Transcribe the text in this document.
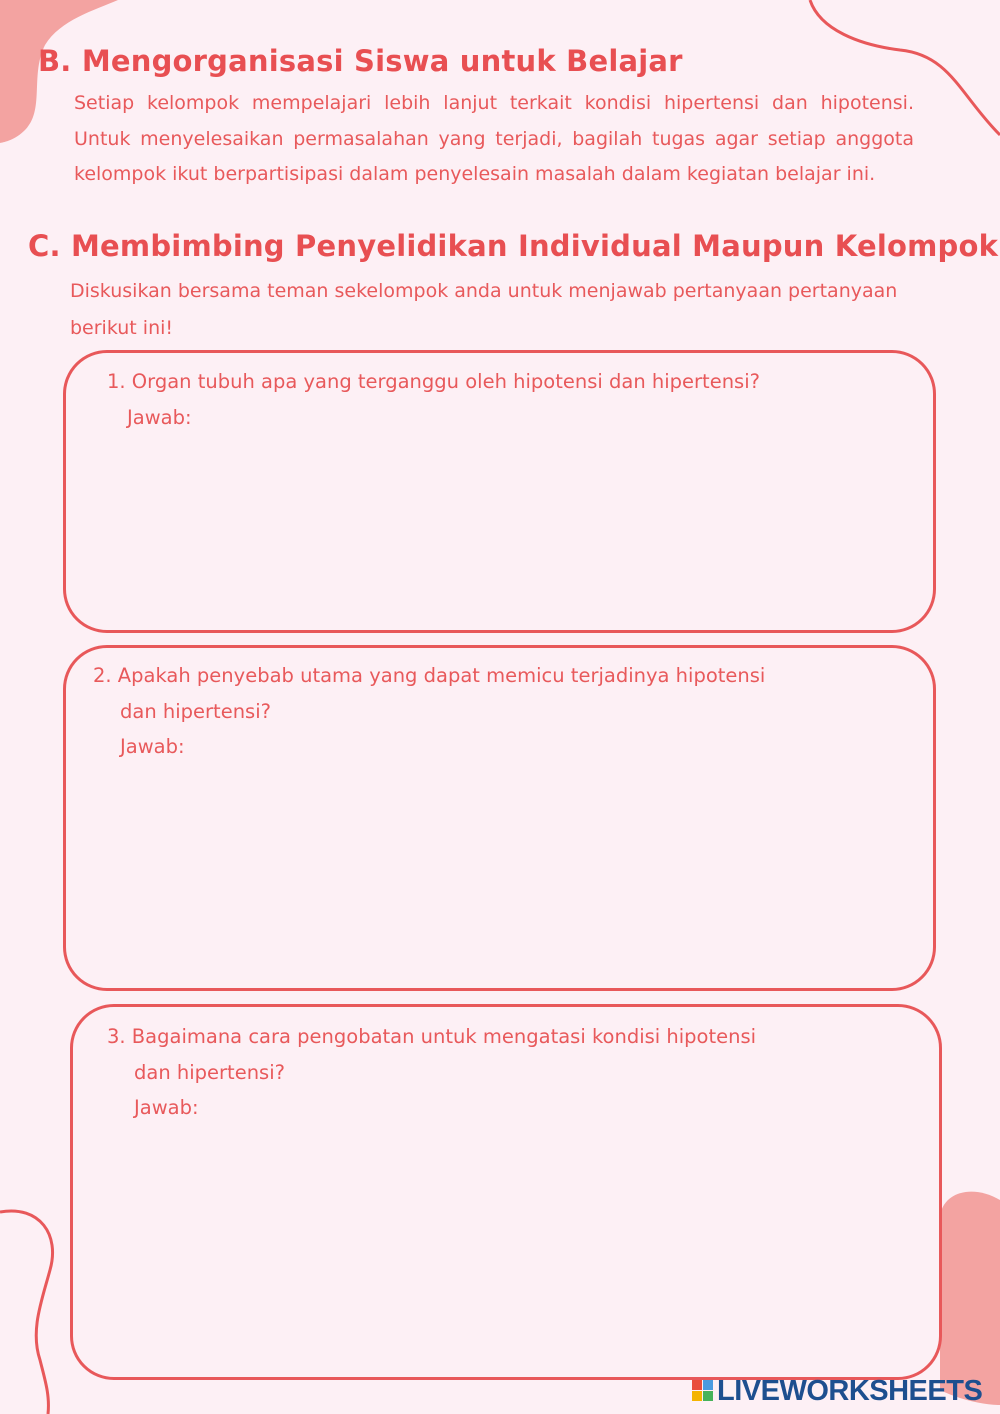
B. Mengorganisasi Siswa untuk Belajar

Setiap kelompok mempelajari lebih lanjut terkait kondisi hipertensi dan hipotensi. Untuk menyelesaikan permasalahan yang terjadi, bagilah tugas agar setiap anggota kelompok ikut berpartisipasi dalam penyelesain masalah dalam kegiatan belajar ini.

C. Membimbing Penyelidikan Individual Maupun Kelompok

Diskusikan bersama teman sekelompok anda untuk menjawab pertanyaan pertanyaan berikut ini!

1. Organ tubuh apa yang terganggu oleh hipotensi dan hipertensi?
Jawab:
2. Apakah penyebab utama yang dapat memicu terjadinya hipotensi
dan hipertensi?
Jawab:
3. Bagaimana cara pengobatan untuk mengatasi kondisi hipotensi
dan hipertensi?
Jawab:
LIVEWORKSHEETS
